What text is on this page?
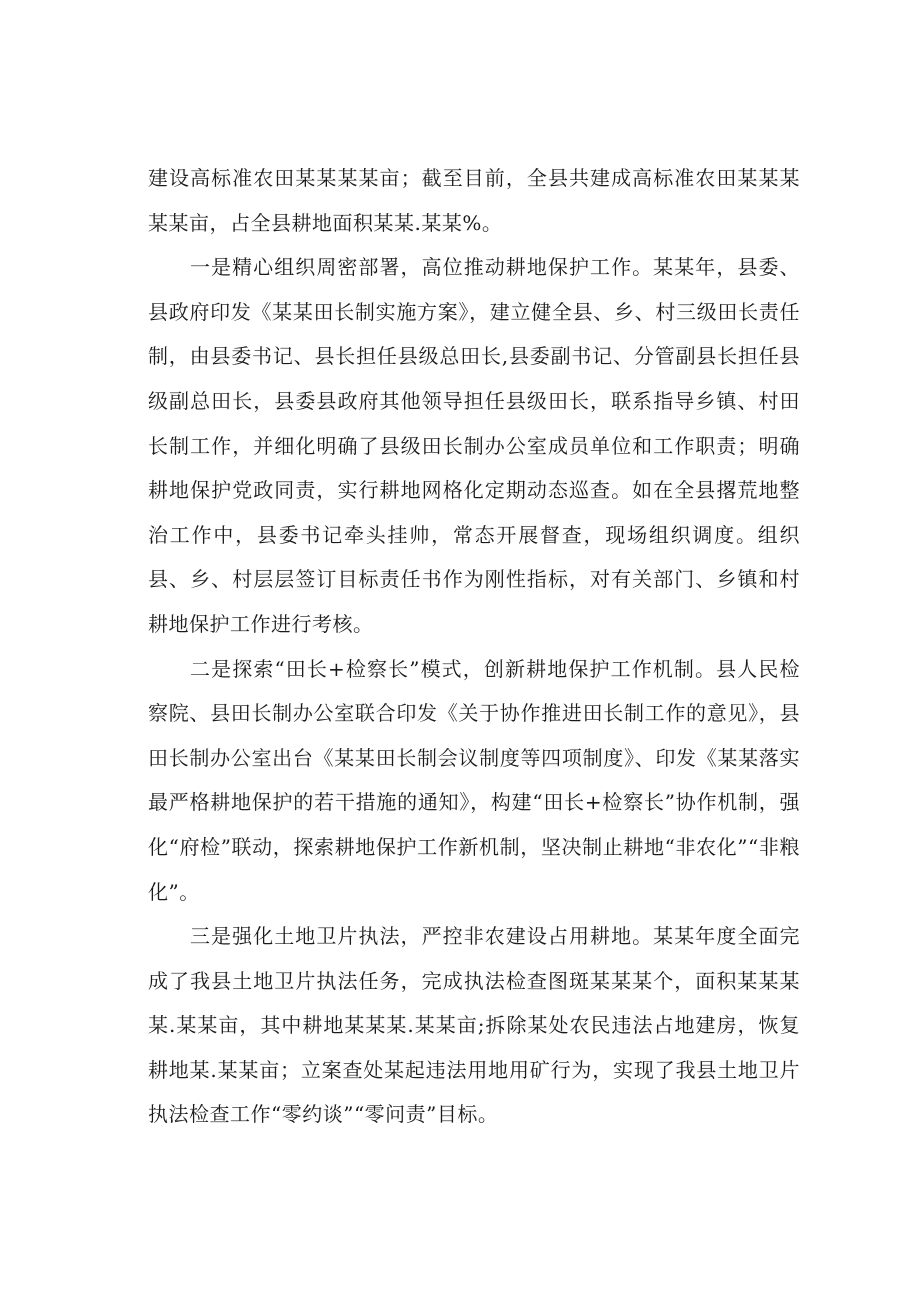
建设高标准农田某某某某亩；截至目前，全县共建成高标准农田某某某某某亩，占全县耕地面积某某.某某%。

一是精心组织周密部署，高位推动耕地保护工作。某某年，县委、县政府印发《某某田长制实施方案》，建立健全县、乡、村三级田长责任制，由县委书记、县长担任县级总田长,县委副书记、分管副县长担任县级副总田长，县委县政府其他领导担任县级田长，联系指导乡镇、村田长制工作，并细化明确了县级田长制办公室成员单位和工作职责；明确耕地保护党政同责，实行耕地网格化定期动态巡查。如在全县撂荒地整治工作中，县委书记牵头挂帅，常态开展督查，现场组织调度。组织县、乡、村层层签订目标责任书作为刚性指标，对有关部门、乡镇和村耕地保护工作进行考核。

二是探索“田长+检察长”模式，创新耕地保护工作机制。县人民检察院、县田长制办公室联合印发《关于协作推进田长制工作的意见》，县田长制办公室出台《某某田长制会议制度等四项制度》、印发《某某落实最严格耕地保护的若干措施的通知》，构建“田长+检察长”协作机制，强化“府检”联动，探索耕地保护工作新机制，坚决制止耕地“非农化”“非粮化”。

三是强化土地卫片执法，严控非农建设占用耕地。某某年度全面完成了我县土地卫片执法任务，完成执法检查图斑某某某个，面积某某某某.某某亩，其中耕地某某某.某某亩;拆除某处农民违法占地建房，恢复耕地某.某某亩；立案查处某起违法用地用矿行为，实现了我县土地卫片执法检查工作“零约谈”“零问责”目标。
